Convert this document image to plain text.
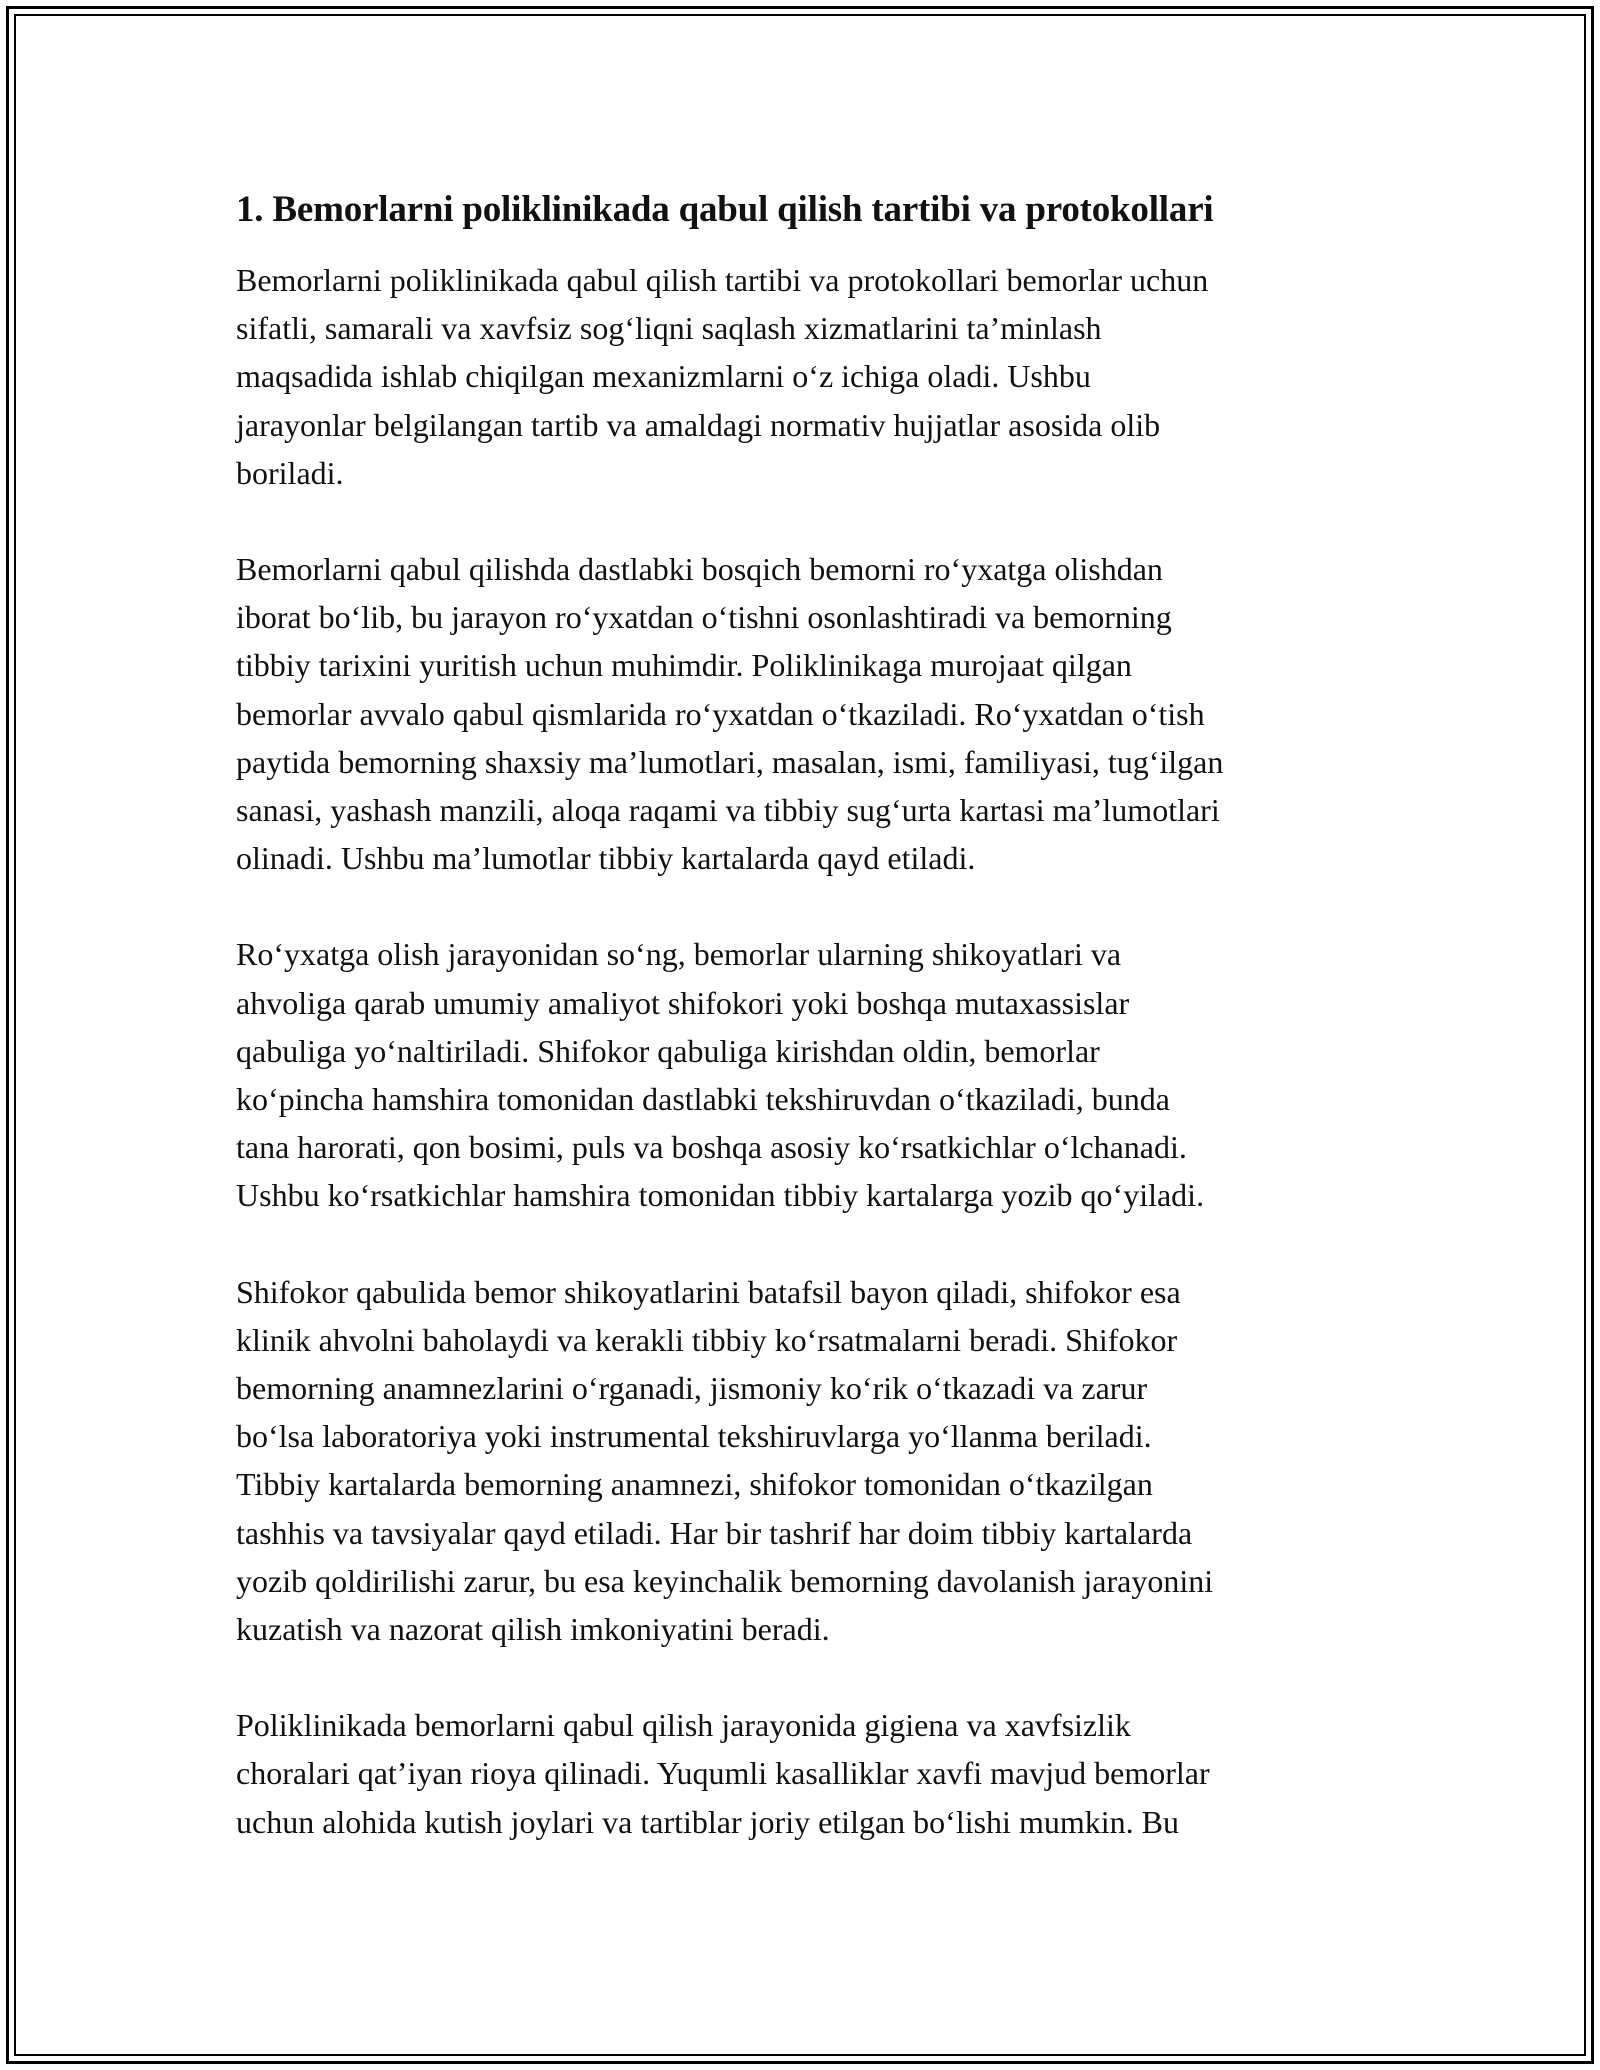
1. Bemorlarni poliklinikada qabul qilish tartibi va protokollari

Bemorlarni poliklinikada qabul qilish tartibi va protokollari bemorlar uchun
sifatli, samarali va xavfsiz sog‘liqni saqlash xizmatlarini ta’minlash
maqsadida ishlab chiqilgan mexanizmlarni o‘z ichiga oladi. Ushbu
jarayonlar belgilangan tartib va amaldagi normativ hujjatlar asosida olib
boriladi.

Bemorlarni qabul qilishda dastlabki bosqich bemorni ro‘yxatga olishdan
iborat bo‘lib, bu jarayon ro‘yxatdan o‘tishni osonlashtiradi va bemorning
tibbiy tarixini yuritish uchun muhimdir. Poliklinikaga murojaat qilgan
bemorlar avvalo qabul qismlarida ro‘yxatdan o‘tkaziladi. Ro‘yxatdan o‘tish
paytida bemorning shaxsiy ma’lumotlari, masalan, ismi, familiyasi, tug‘ilgan
sanasi, yashash manzili, aloqa raqami va tibbiy sug‘urta kartasi ma’lumotlari
olinadi. Ushbu ma’lumotlar tibbiy kartalarda qayd etiladi.

Ro‘yxatga olish jarayonidan so‘ng, bemorlar ularning shikoyatlari va
ahvoliga qarab umumiy amaliyot shifokori yoki boshqa mutaxassislar
qabuliga yo‘naltiriladi. Shifokor qabuliga kirishdan oldin, bemorlar
ko‘pincha hamshira tomonidan dastlabki tekshiruvdan o‘tkaziladi, bunda
tana harorati, qon bosimi, puls va boshqa asosiy ko‘rsatkichlar o‘lchanadi.
Ushbu ko‘rsatkichlar hamshira tomonidan tibbiy kartalarga yozib qo‘yiladi.

Shifokor qabulida bemor shikoyatlarini batafsil bayon qiladi, shifokor esa
klinik ahvolni baholaydi va kerakli tibbiy ko‘rsatmalarni beradi. Shifokor
bemorning anamnezlarini o‘rganadi, jismoniy ko‘rik o‘tkazadi va zarur
bo‘lsa laboratoriya yoki instrumental tekshiruvlarga yo‘llanma beriladi.
Tibbiy kartalarda bemorning anamnezi, shifokor tomonidan o‘tkazilgan
tashhis va tavsiyalar qayd etiladi. Har bir tashrif har doim tibbiy kartalarda
yozib qoldirilishi zarur, bu esa keyinchalik bemorning davolanish jarayonini
kuzatish va nazorat qilish imkoniyatini beradi.

Poliklinikada bemorlarni qabul qilish jarayonida gigiena va xavfsizlik
choralari qat’iyan rioya qilinadi. Yuqumli kasalliklar xavfi mavjud bemorlar
uchun alohida kutish joylari va tartiblar joriy etilgan bo‘lishi mumkin. Bu
